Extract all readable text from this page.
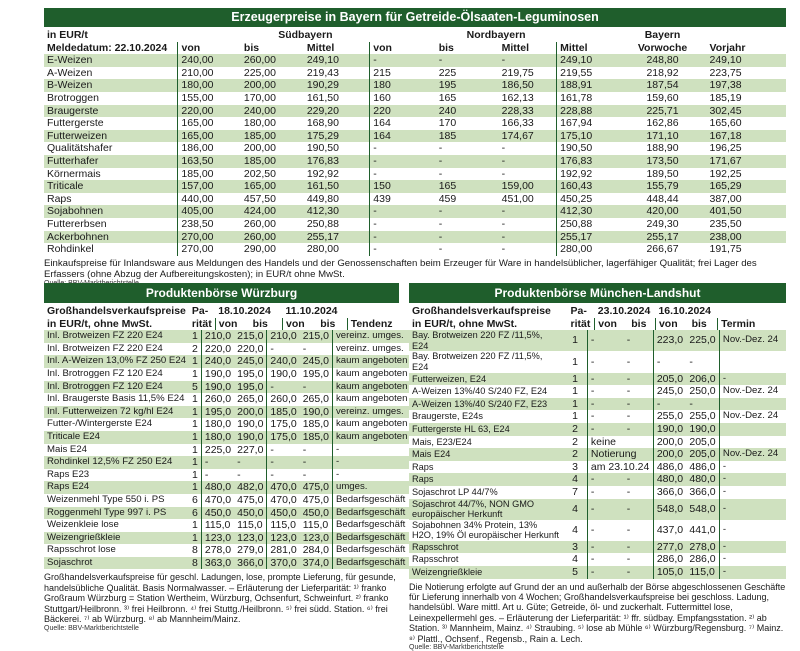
Erzeugerpreise in Bayern für Getreide-Ölsaaten-Leguminosen
in EUR/t		Südbayern			Nordbayern			Bayern	
Meldedatum: 22.10.2024	von	bis	Mittel	von	bis	Mittel	Mittel	Vorwoche	Vorjahr
E-Weizen	240,00	260,00	249,10	-	-	-	249,10	248,80	249,10
A-Weizen	210,00	225,00	219,43	215	225	219,75	219,55	218,92	223,75
B-Weizen	180,00	200,00	190,29	180	195	186,50	188,91	187,54	197,38
Brotroggen	155,00	170,00	161,50	160	165	162,13	161,78	159,60	185,19
Braugerste	220,00	240,00	229,20	220	240	228,33	228,88	225,71	302,45
Futtergerste	165,00	180,00	168,90	164	170	166,33	167,94	162,86	165,60
Futterweizen	165,00	185,00	175,29	164	185	174,67	175,10	171,10	167,18
Qualitätshafer	186,00	200,00	190,50	-	-	-	190,50	188,90	196,25
Futterhafer	163,50	185,00	176,83	-	-	-	176,83	173,50	171,67
Körnermais	185,00	202,50	192,92	-	-	-	192,92	189,50	192,25
Triticale	157,00	165,00	161,50	150	165	159,00	160,43	155,79	165,29
Raps	440,00	457,50	449,80	439	459	451,00	450,25	448,44	387,00
Sojabohnen	405,00	424,00	412,30	-	-	-	412,30	420,00	401,50
Futtererbsen	238,50	260,00	250,88	-	-	-	250,88	249,30	235,50
Ackerbohnen	270,00	260,00	255,17	-	-	-	255,17	255,17	238,00
Rohdinkel	270,00	290,00	280,00	-	-	-	280,00	266,67	191,75
Einkaufspreise für Inlandsware aus Meldungen des Handels und der Genossenschaften beim Erzeuger für Ware in handelsüblicher, lagerfähiger Qualität; frei Lager des Erfassers (ohne Abzug der Aufbereitungskosten); in EUR/t ohne MwSt.
Produktenbörse Würzburg
Großhandelsverkaufspreise	Pa-	18.10.2024		11.10.2024		
in EUR/t, ohne MwSt.	rität	von	bis	von	bis	Tendenz
Inl. Brotweizen FZ 220 E24	1	210,0	215,0	210,0	215,0	vereinz. umges.
Inl. Brotweizen FZ 220 E24	2	220,0	220,0	-	-	vereinz. umges.
Inl. A-Weizen 13,0% FZ 250 E24	1	240,0	245,0	240,0	245,0	kaum angeboten
Inl. Brotroggen FZ 120 E24	1	190,0	195,0	190,0	195,0	kaum angeboten
Inl. Brotroggen FZ 120 E24	5	190,0	195,0	-	-	kaum angeboten
Inl. Braugerste Basis 11,5% E24	1	260,0	265,0	260,0	265,0	kaum angeboten
Inl. Futterweizen 72 kg/hl E24	1	195,0	200,0	185,0	190,0	vereinz. umges.
Futter-/Wintergerste E24	1	180,0	190,0	175,0	185,0	kaum angeboten
Triticale E24	1	180,0	190,0	175,0	185,0	kaum angeboten
Mais E24	1	225,0	227,0	-	-	-
Rohdinkel 12,5% FZ 250 E24	1	-	-	-	-	-
Raps E23	1	-	-	-	-	-
Raps E24	1	480,0	482,0	470,0	475,0	umges.
Weizenmehl Type 550 i. PS	6	470,0	475,0	470,0	475,0	Bedarfsgeschäft
Roggenmehl Type 997 i. PS	6	450,0	450,0	450,0	450,0	Bedarfsgeschäft
Weizenkleie lose	1	115,0	115,0	115,0	115,0	Bedarfsgeschäft
Weizengrießkleie	1	123,0	123,0	123,0	123,0	Bedarfsgeschäft
Rapsschrot lose	8	278,0	279,0	281,0	284,0	Bedarfsgeschäft
Sojaschrot	8	363,0	366,0	370,0	374,0	Bedarfsgeschäft
Großhandelsverkaufspreise für geschl. Ladungen, lose, prompte Lieferung, für gesunde, handelsübliche Qualität. Basis Normalwasser. – Erläuterung der Lieferparität: ¹⁾ franko Großraum Würzburg = Station Wertheim, Würzburg, Ochsenfurt, Schweinfurt. ²⁾ franko Stuttgart/Heilbronn. ³⁾ frei Heilbronn. ⁴⁾ frei Stuttg./Heilbronn. ⁵⁾ frei südd. Station. ⁶⁾ frei Bäckerei. ⁷⁾ ab Würzburg. ⁸⁾ ab Mannheim/Mainz.
Quelle: BBV-Marktberichtstelle
Produktenbörse München-Landshut
Großhandelsverkaufspreise	Pa-	23.10.2024		16.10.2024		
in EUR/t, ohne MwSt.	rität	von	bis	von	bis	Termin
Bay. Brotweizen 220 FZ /11,5%, E24	1	-	-	223,0	225,0	Nov.-Dez. 24
Bay. Brotweizen 220 FZ /11,5%, E24	1	-	-	-	-	
Futterweizen, E24	1	-	-	205,0	206,0	-
A-Weizen 13%/40 S/240 FZ, E24	1	-	-	245,0	250,0	Nov.-Dez. 24
A-Weizen 13%/40 S/240 FZ, E23	1	-	-	-	-	
Braugerste, E24s	1	-	-	255,0	255,0	Nov.-Dez. 24
Futtergerste HL 63, E24	2	-	-	190,0	190,0	
Mais, E23/E24	2	keine		200,0	205,0	
Mais E24	2	Notierung		200,0	205,0	Nov.-Dez. 24
Raps	3	am 23.10.24		486,0	486,0	-
Raps	4	-	-	480,0	480,0	-
Sojaschrot LP 44/7%	7	-	-	366,0	366,0	-
Sojaschrot 44/7%, NON GMO europäischer Herkunft	4	-	-	548,0	548,0	-
Sojabohnen 34% Protein, 13% H2O, 19% Öl europäischer Herkunft	4	-	-	437,0	441,0	-
Rapsschrot	3	-	-	277,0	278,0	-
Rapsschrot	4	-	-	286,0	286,0	-
Weizengrießkleie	5	-	-	105,0	115,0	-
Die Notierung erfolgte auf Grund der an und außerhalb der Börse abgeschlossenen Geschäfte für Lieferung innerhalb von 4 Wochen; Großhandelsverkaufspreise bei geschloss. Ladung, handelsübl. Ware mittl. Art u. Güte; Getreide, öl- und zuckerhalt. Futtermittel lose, Leinexpellermehl ges. – Erläuterung der Lieferparität: ¹⁾ ffr. südbay. Empfangsstation. ²⁾ ab Station. ³⁾ Mannheim, Mainz. ⁴⁾ Straubing. ⁵⁾ lose ab Mühle ⁶⁾ Würzburg/Regensburg. ⁷⁾ Mainz. ⁸⁾ Plattl., Ochsenf., Regensb., Rain a. Lech.
Quelle: BBV-Marktberichtstelle
